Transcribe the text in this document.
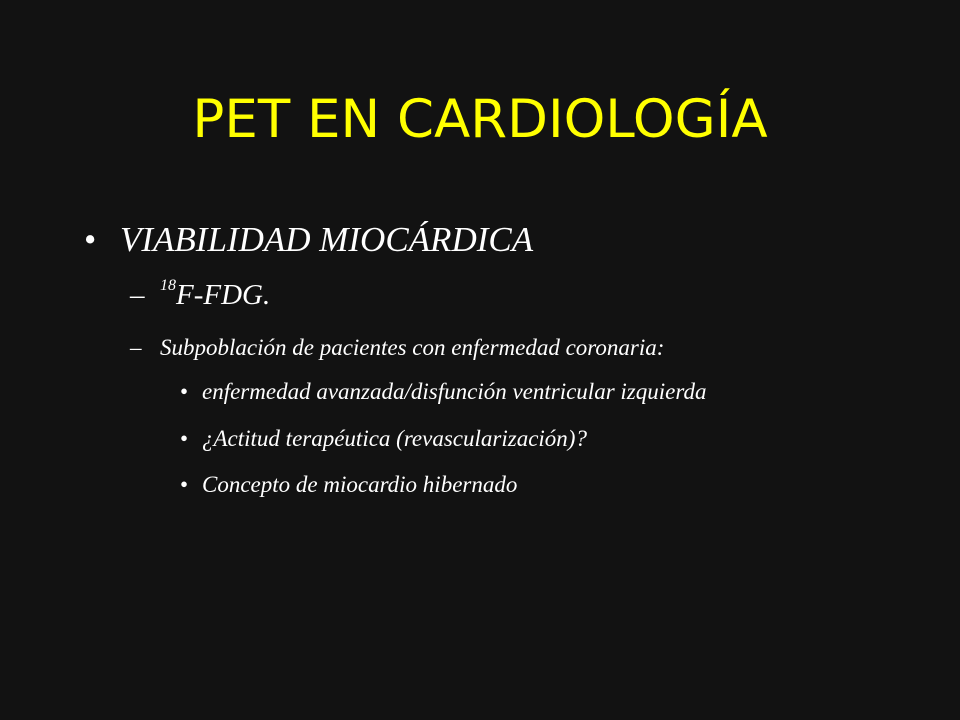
PET EN CARDIOLOGÍA
• VIABILIDAD MIOCÁRDICA
– $^{18}$F-FDG.
– Subpoblación de pacientes con enfermedad coronaria:
• enfermedad avanzada/disfunción ventricular izquierda
• ¿Actitud terapéutica (revascularización)?
• Concepto de miocardio hibernado
